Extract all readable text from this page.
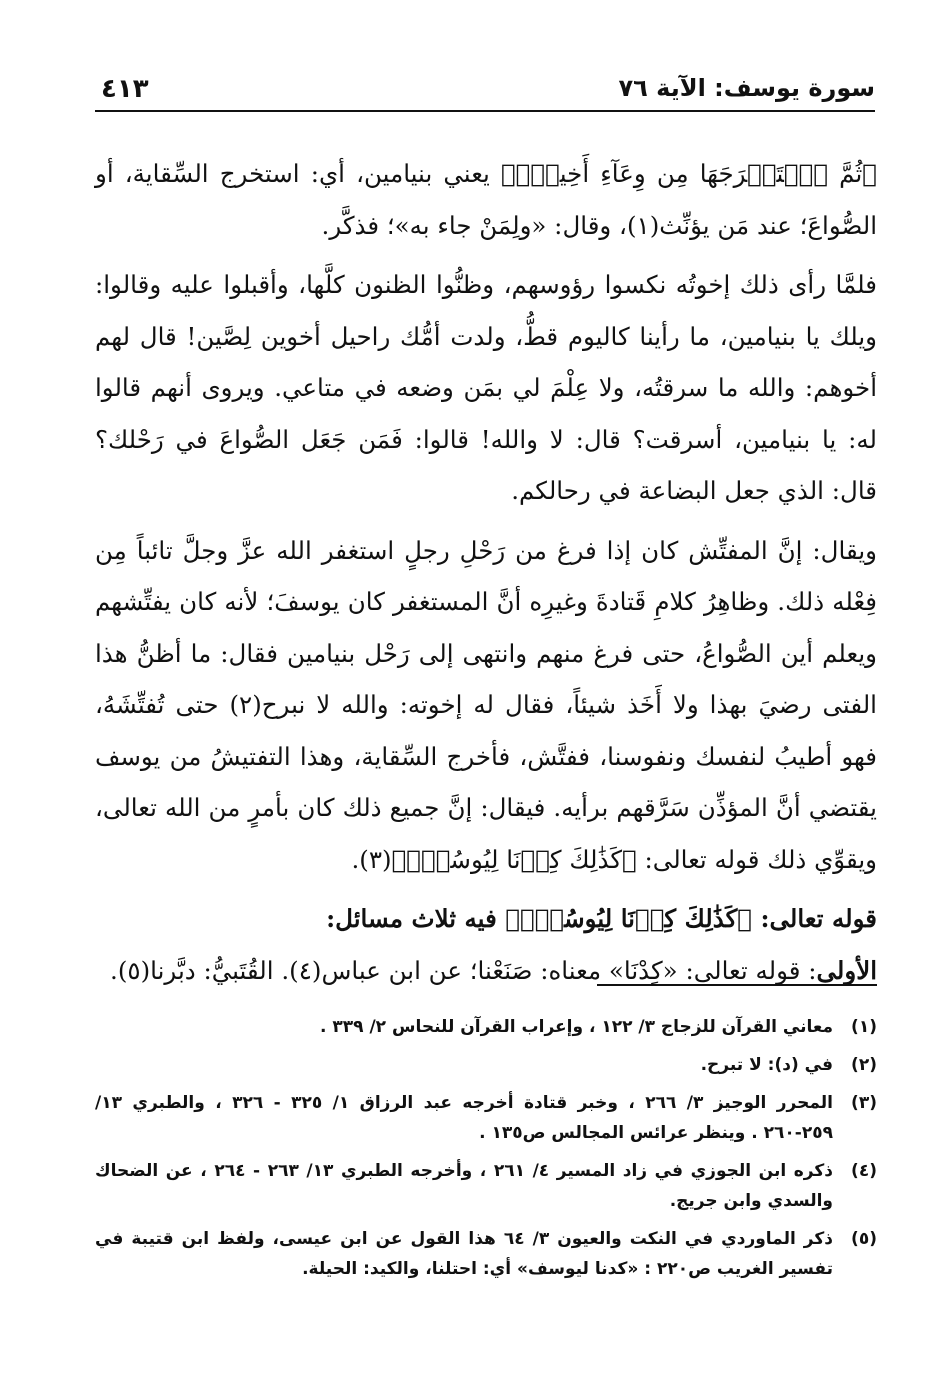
سورة يوسف: الآية ٧٦
٤١٣

﴿ثُمَّ ٱسۡتَخۡرَجَهَا مِن وِعَآءِ أَخِيهِۚ﴾ يعني بنيامين، أي: استخرج السِّقاية، أو الصُّواعَ؛ عند مَن يؤنِّث(١)، وقال: «ولِمَنْ جاء به»؛ فذكَّر.

فلمَّا رأى ذلك إخوتُه نكسوا رؤوسهم، وظنُّوا الظنون كلَّها، وأقبلوا عليه وقالوا: ويلك يا بنيامين، ما رأينا كاليوم قطُّ، ولدت أمُّك راحيل أخوين لِصَّين! قال لهم أخوهم: والله ما سرقتُه، ولا عِلْمَ لي بمَن وضعه في متاعي. ويروى أنهم قالوا له: يا بنيامين، أسرقت؟ قال: لا والله! قالوا: فَمَن جَعَل الصُّواعَ في رَحْلك؟ قال: الذي جعل البضاعة في رحالكم.

ويقال: إنَّ المفتِّش كان إذا فرغ من رَحْلِ رجلٍ استغفر الله عزَّ وجلَّ تائباً مِن فِعْله ذلك. وظاهِرُ كلامِ قَتادةَ وغيرِه أنَّ المستغفر كان يوسفَ؛ لأنه كان يفتِّشهم ويعلم أين الصُّواعُ، حتى فرغ منهم وانتهى إلى رَحْل بنيامين فقال: ما أظنُّ هذا الفتى رضيَ بهذا ولا أَخَذ شيئاً، فقال له إخوته: والله لا نبرح(٢) حتى تُفتِّشَهُ، فهو أطيبُ لنفسك ونفوسنا، ففتَّش، فأخرج السِّقاية، وهذا التفتيشُ من يوسف يقتضي أنَّ المؤذِّن سَرَّقهم برأيه. فيقال: إنَّ جميع ذلك كان بأمرٍ من الله تعالى، ويقوِّي ذلك قوله تعالى: ﴿كَذَٰلِكَ كِدۡنَا لِيُوسُفَۖ﴾(٣).

قوله تعالى: ﴿كَذَٰلِكَ كِدۡنَا لِيُوسُفَۖ﴾ فيه ثلاث مسائل:

الأولى: قوله تعالى: «كِدْنَا» معناه: صَنَعْنا؛ عن ابن عباس(٤). القُتَبيُّ: دبَّرنا(٥).

(١)
معاني القرآن للزجاج ٣/ ١٢٢ ، وإعراب القرآن للنحاس ٢/ ٣٣٩ .
(٢)
في (د): لا تبرح.
(٣)
المحرر الوجيز ٣/ ٢٦٦ ، وخبر قتادة أخرجه عبد الرزاق ١/ ٣٢٥ - ٣٢٦ ، والطبري ١٣/ ٢٥٩-٢٦٠ . وينظر عرائس المجالس ص١٣٥ .
(٤)
ذكره ابن الجوزي في زاد المسير ٤/ ٢٦١ ، وأخرجه الطبري ١٣/ ٢٦٣ - ٢٦٤ ، عن الضحاك والسدي وابن جريج.
(٥)
ذكر الماوردي في النكت والعيون ٣/ ٦٤ هذا القول عن ابن عيسى، ولفظ ابن قتيبة في تفسير الغريب ص٢٢٠ : «كدنا ليوسف» أي: احتلنا، والكيد: الحيلة.
